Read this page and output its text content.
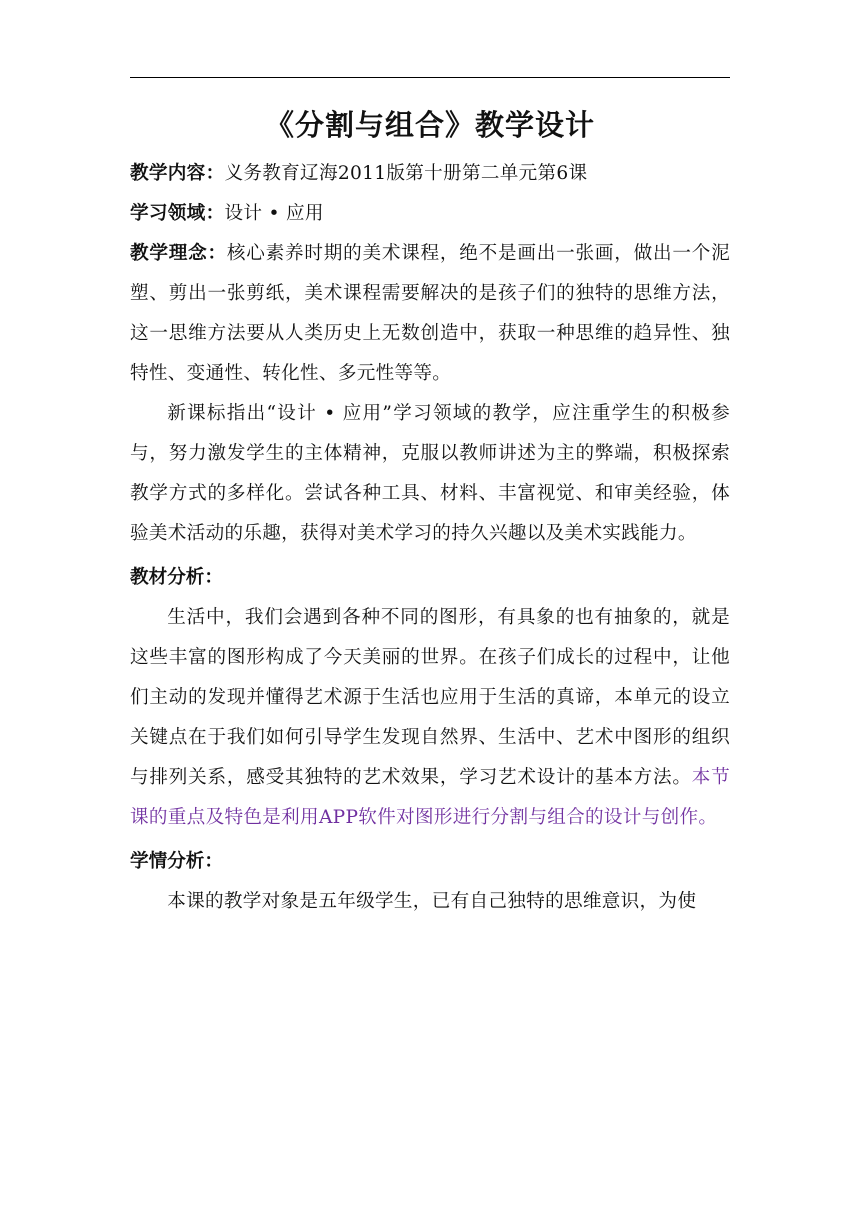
《分割与组合》教学设计

教学内容：义务教育辽海2011版第十册第二单元第6课

学习领域：设计 • 应用

教学理念：核心素养时期的美术课程，绝不是画出一张画，做出一个泥塑、剪出一张剪纸，美术课程需要解决的是孩子们的独特的思维方法，这一思维方法要从人类历史上无数创造中，获取一种思维的趋异性、独特性、变通性、转化性、多元性等等。

新课标指出“设计 • 应用”学习领域的教学，应注重学生的积极参与，努力激发学生的主体精神，克服以教师讲述为主的弊端，积极探索教学方式的多样化。尝试各种工具、材料、丰富视觉、和审美经验，体验美术活动的乐趣，获得对美术学习的持久兴趣以及美术实践能力。

教材分析：

生活中，我们会遇到各种不同的图形，有具象的也有抽象的，就是这些丰富的图形构成了今天美丽的世界。在孩子们成长的过程中，让他们主动的发现并懂得艺术源于生活也应用于生活的真谛，本单元的设立关键点在于我们如何引导学生发现自然界、生活中、艺术中图形的组织与排列关系，感受其独特的艺术效果，学习艺术设计的基本方法。本节课的重点及特色是利用APP软件对图形进行分割与组合的设计与创作。

学情分析：

本课的教学对象是五年级学生，已有自己独特的思维意识，为使
